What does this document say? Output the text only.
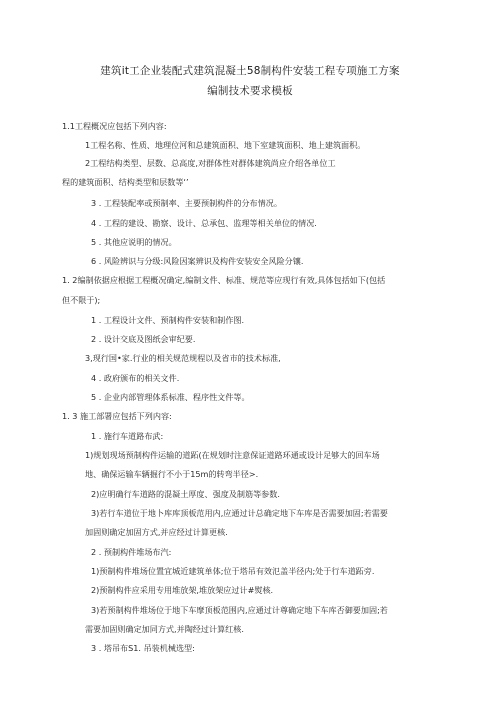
建筑it工企业装配式建筑混凝土58制构件安装工程专项施工方案
编制技术要求模板
1.1工程概况应包括下列内容:
1工程名称、性质、地理位河和总建筑面积、地下室建筑面积、地上建筑面积。
2工程结构类型、层数、总高度,对群体性对群体建筑尚应介绍各单位工
程的建筑面积、结构类型和层数等‘’
3 . 工程装配率或预制率、主要预制构件的分布情况。
4 . 工程的建设、勘察、设计、总承包、监理等相关单位的情况.
5 . 其他应说明的情况。
6 . 风险辨识与分级:风险因案辨识及构件安装安全风险分镶.
1. 2编制依据应根据工程概况确定,编制文件、标准、规范等应现行有效,具体包括如下(包括
但不限于);
1 . 工程设计文件、预制构件安装和制作图.
2 . 设计交底及图纸会审纪要.
3,现行国•家.行业的相关规范规程以及省市的技术标准,
4 . 政府颁布的相关文件.
5 . 企业内部管理体系标准、程序性文件等。
1. 3 施工部署应包括下列内容:
1 . 施行车道路布武:
1)规划现场预制构件运输的道跖(在规划时注意保证道路环通或设计足够大的回车场
地、确保运输车辆掘行不小于15m的转弯半径>.
2)应明确行车道路的混凝土厚度、强度及制筋等参数.
3)若行车道位于地卜库库顶板范用内,应通过计总确定地下车库是否需要加固;若需要
加固则确定加固方式,并应经过计算更核.
2 . 预制构件堆场布汽:
1)预制构件堆场位置宜城近建筑单体;位于塔吊有效氾盖半径内;处于行车道跖旁.
2)预制构件应采用专用堆放架,堆放架应过计#熨核.
3)若预制构件堆场位于地下车摩顶板范围内,应通过计尊确定地下车库否御要加固;若
需要加固则确定加同方式,并陶经过计算红核.
3 . 塔吊布S1. 吊装机械选型:
